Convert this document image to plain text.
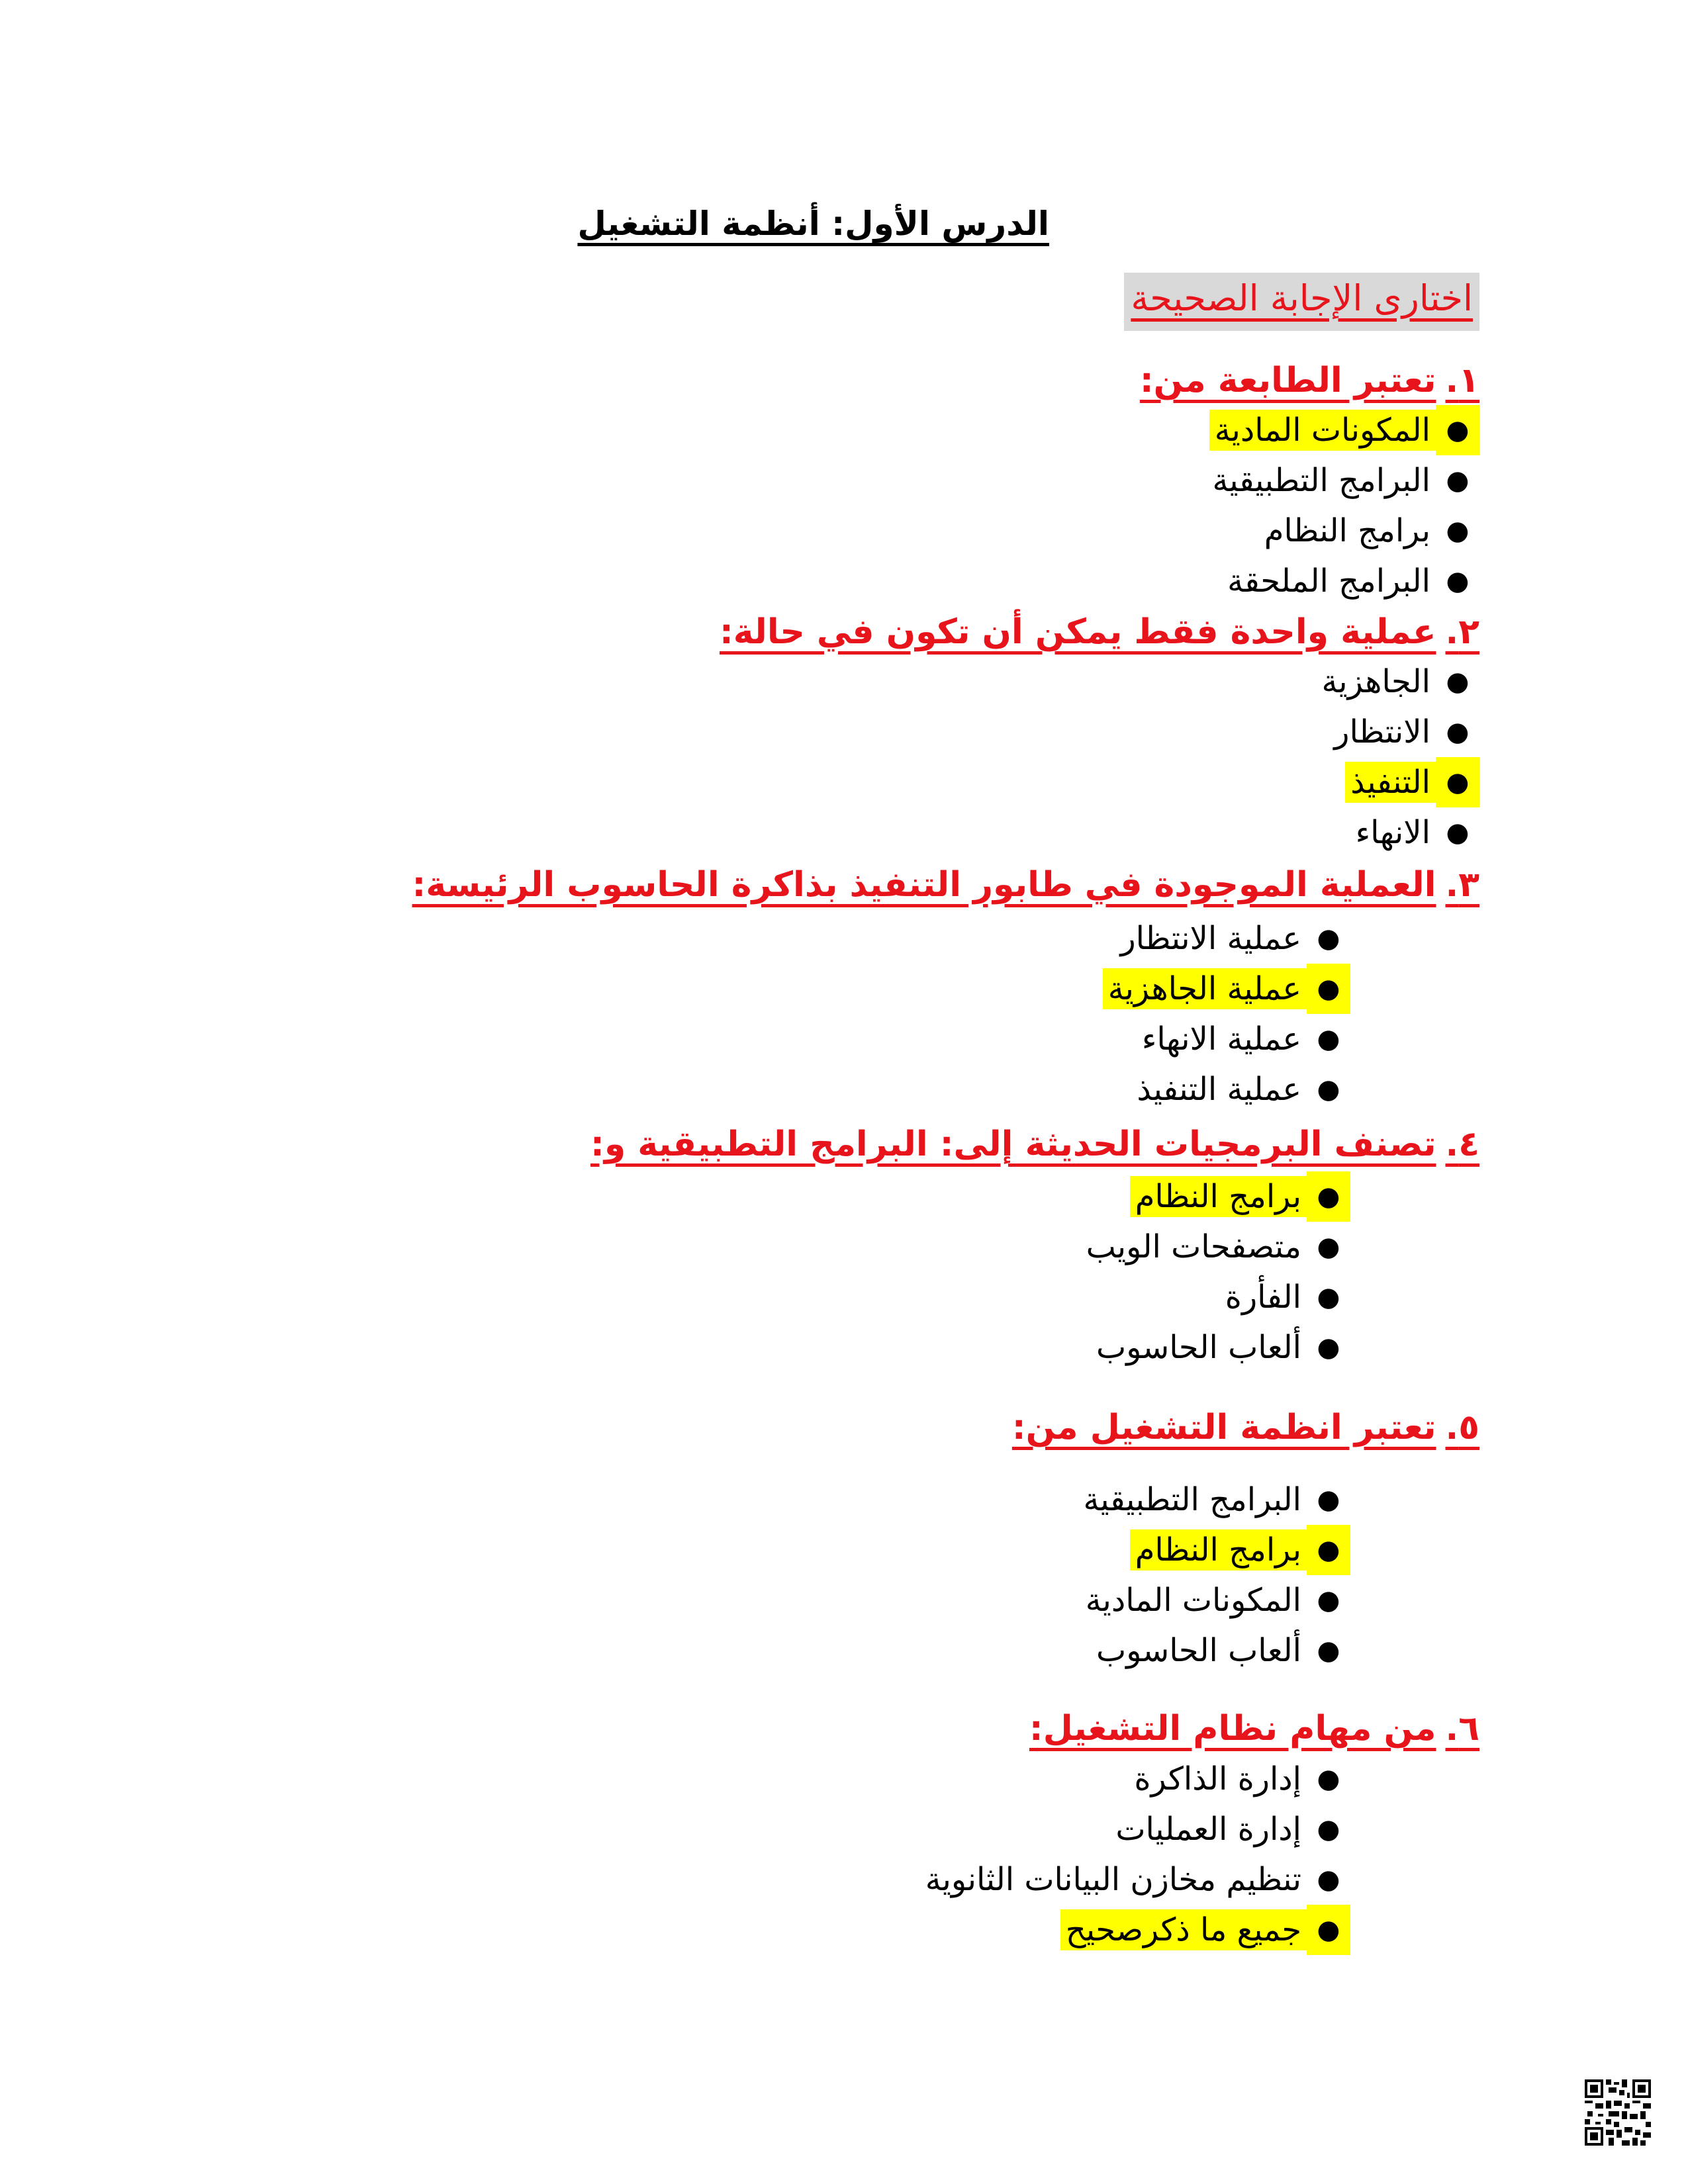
الدرس الأول: أنظمة التشغيل
اختارى الإجابة الصحيحة
١.تعتبر الطابعة من:
●
المكونات المادية
●
البرامج التطبيقية
●
برامج النظام
●
البرامج الملحقة
٢.عملية واحدة فقط يمكن أن تكون في حالة:
●
الجاهزية
●
الانتظار
●
التنفيذ
●
الانهاء
٣.العملية الموجودة في طابور التنفيذ بذاكرة الحاسوب الرئيسة:
●
عملية الانتظار
●
عملية الجاهزية
●
عملية الانهاء
●
عملية التنفيذ
٤.تصنف البرمجيات الحديثة إلى: البرامج التطبيقية و:
●
برامج النظام
●
متصفحات الويب
●
الفأرة
●
ألعاب الحاسوب
٥.تعتبر انظمة التشغيل من:
●
البرامج التطبيقية
●
برامج النظام
●
المكونات المادية
●
ألعاب الحاسوب
٦.من مهام نظام التشغيل:
●
إدارة الذاكرة
●
إدارة العمليات
●
تنظيم مخازن البيانات الثانوية
●
جميع ما ذكرصحيح
